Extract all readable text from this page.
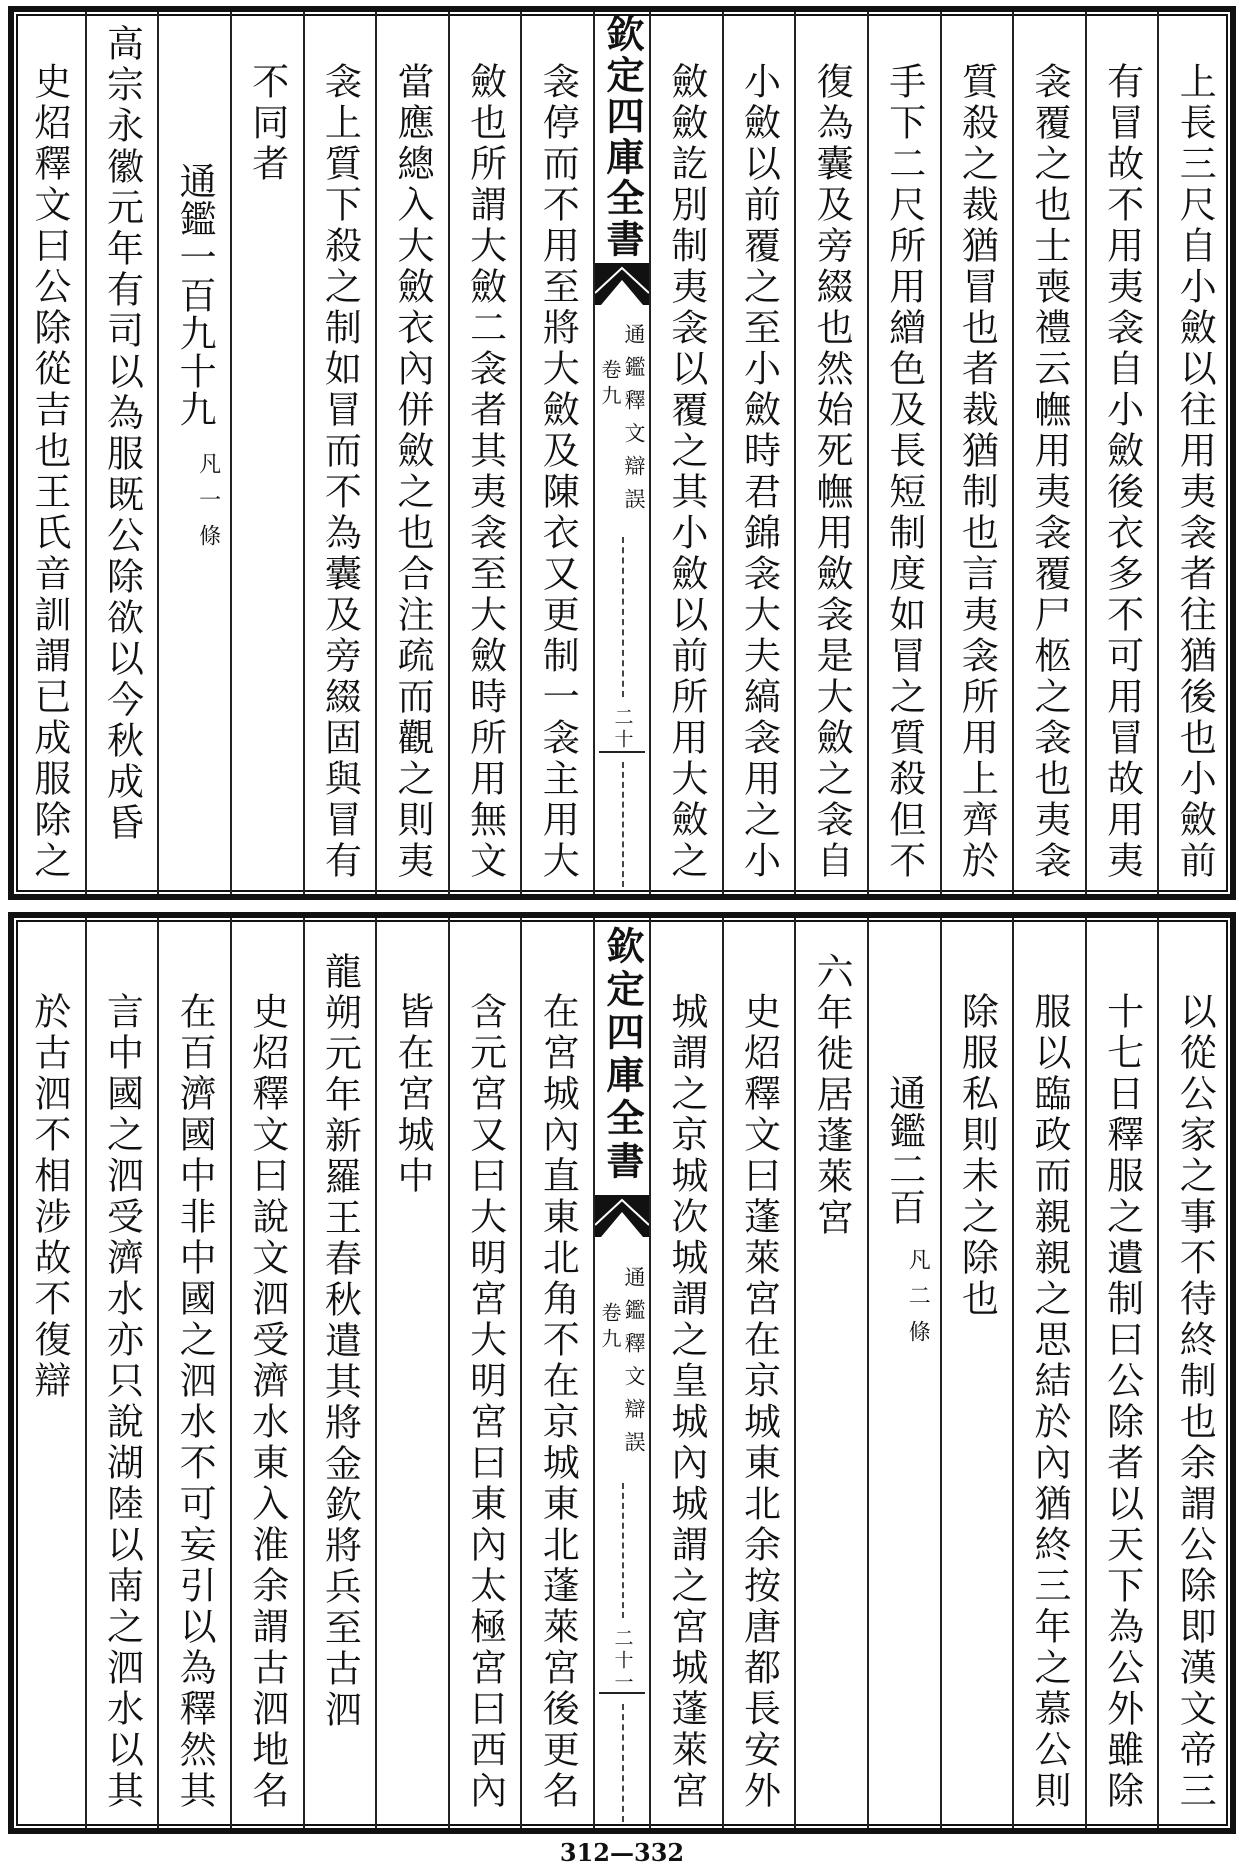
上長三尺自小斂以往用夷衾者往猶後也小斂前
有冒故不用夷衾自小斂後衣多不可用冒故用夷
衾覆之也士喪禮云幠用夷衾覆尸柩之衾也夷衾
質殺之裁猶冒也者裁猶制也言夷衾所用上齊於
手下二尺所用繒色及長短制度如冒之質殺但不
復為囊及旁綴也然始死幠用斂衾是大斂之衾自
小斂以前覆之至小斂時君錦衾大夫縞衾用之小
斂斂訖別制夷衾以覆之其小斂以前所用大斂之
欽定四庫全書
通鑑釋文辯誤
卷九
二十
衾停而不用至將大斂及陳衣又更制一衾主用大
斂也所謂大斂二衾者其夷衾至大斂時所用無文
當應總入大斂衣內併斂之也合注疏而觀之則夷
衾上質下殺之制如冒而不為囊及旁綴固與冒有
不同者
通鑑一百九十九
凡一條
高宗永徽元年有司以為服既公除欲以今秋成昏
史炤釋文曰公除從吉也王氏音訓謂已成服除之
以從公家之事不待終制也余謂公除即漢文帝三
十七日釋服之遺制曰公除者以天下為公外雖除
服以臨政而親親之思結於內猶終三年之慕公則
除服私則未之除也
通鑑二百
凡二條
六年徙居蓬萊宮
史炤釋文曰蓬萊宮在京城東北余按唐都長安外
城謂之京城次城謂之皇城內城謂之宮城蓬萊宮
欽定四庫全書
通鑑釋文辯誤
卷九
二十一
在宮城內直東北角不在京城東北蓬萊宮後更名
含元宮又曰大明宮大明宮曰東內太極宮曰西內
皆在宮城中
龍朔元年新羅王春秋遣其將金欽將兵至古泗
史炤釋文曰說文泗受濟水東入淮余謂古泗地名
在百濟國中非中國之泗水不可妄引以為釋然其
言中國之泗受濟水亦只說湖陸以南之泗水以其
於古泗不相涉故不復辯
312—332
